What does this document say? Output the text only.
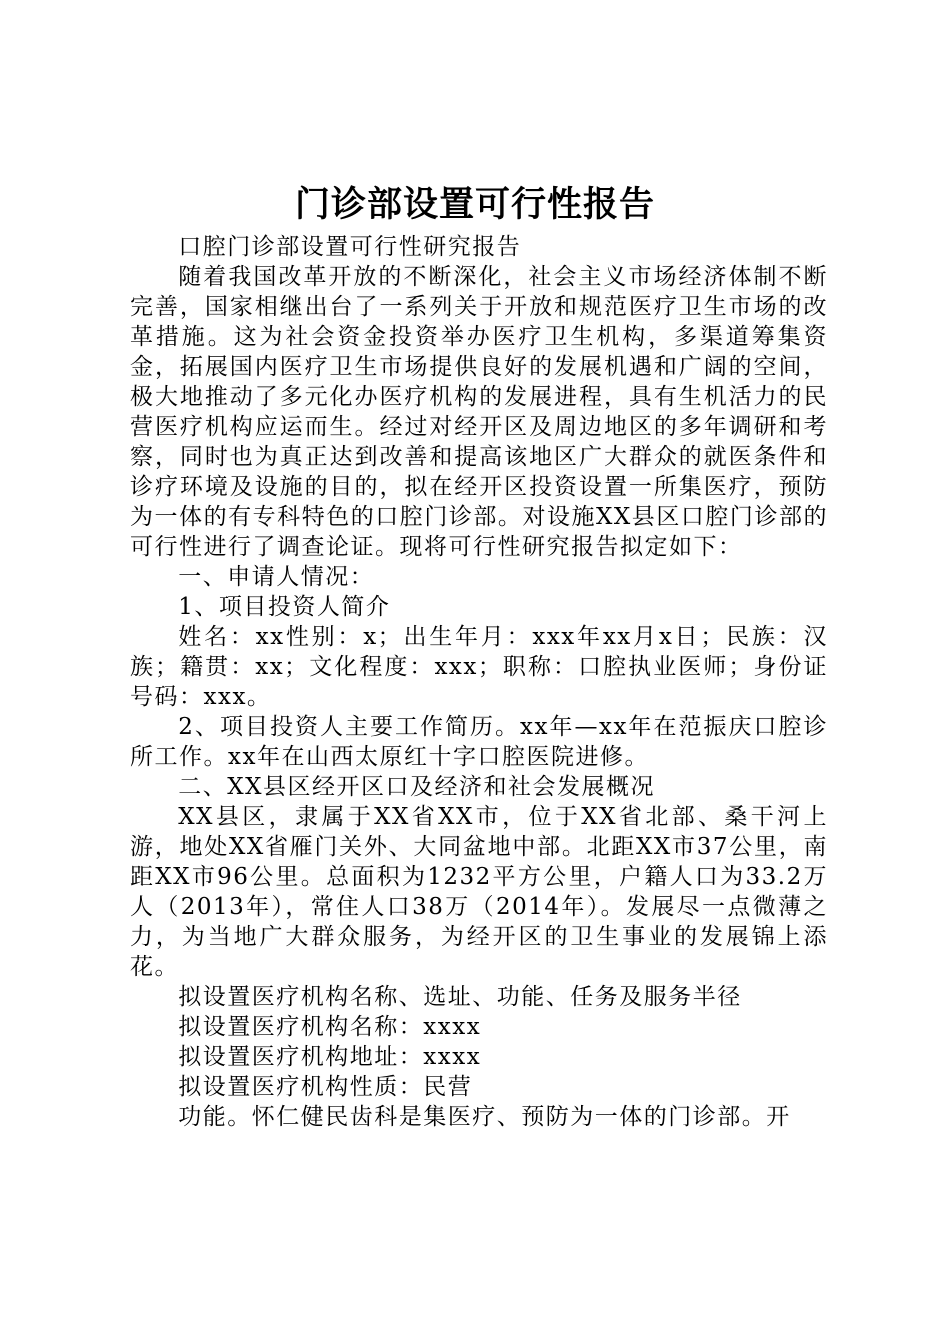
门诊部设置可行性报告

口腔门诊部设置可行性研究报告

随着我国改革开放的不断深化，社会主义市场经济体制不断完善，国家相继出台了一系列关于开放和规范医疗卫生市场的改革措施。这为社会资金投资举办医疗卫生机构，多渠道筹集资金，拓展国内医疗卫生市场提供良好的发展机遇和广阔的空间，极大地推动了多元化办医疗机构的发展进程，具有生机活力的民营医疗机构应运而生。经过对经开区及周边地区的多年调研和考察，同时也为真正达到改善和提高该地区广大群众的就医条件和诊疗环境及设施的目的，拟在经开区投资设置一所集医疗，预防为一体的有专科特色的口腔门诊部。对设施XX县区口腔门诊部的可行性进行了调查论证。现将可行性研究报告拟定如下：

一、申请人情况：

1、项目投资人简介

姓名：xx性别：x；出生年月：xxx年xx月x日；民族：汉族；籍贯：xx；文化程度：xxx；职称：口腔执业医师；身份证号码：xxx。

2、项目投资人主要工作简历。xx年—xx年在范振庆口腔诊所工作。xx年在山西太原红十字口腔医院进修。

二、XX县区经开区口及经济和社会发展概况

XX县区，隶属于XX省XX市，位于XX省北部、桑干河上游，地处XX省雁门关外、大同盆地中部。北距XX市37公里，南距XX市96公里。总面积为1232平方公里，户籍人口为33.2万人（2013年），常住人口38万（2014年）。发展尽一点微薄之力，为当地广大群众服务，为经开区的卫生事业的发展锦上添花。

拟设置医疗机构名称、选址、功能、任务及服务半径

拟设置医疗机构名称：xxxx

拟设置医疗机构地址：xxxx

拟设置医疗机构性质：民营

功能。怀仁健民齿科是集医疗、预防为一体的门诊部。开
